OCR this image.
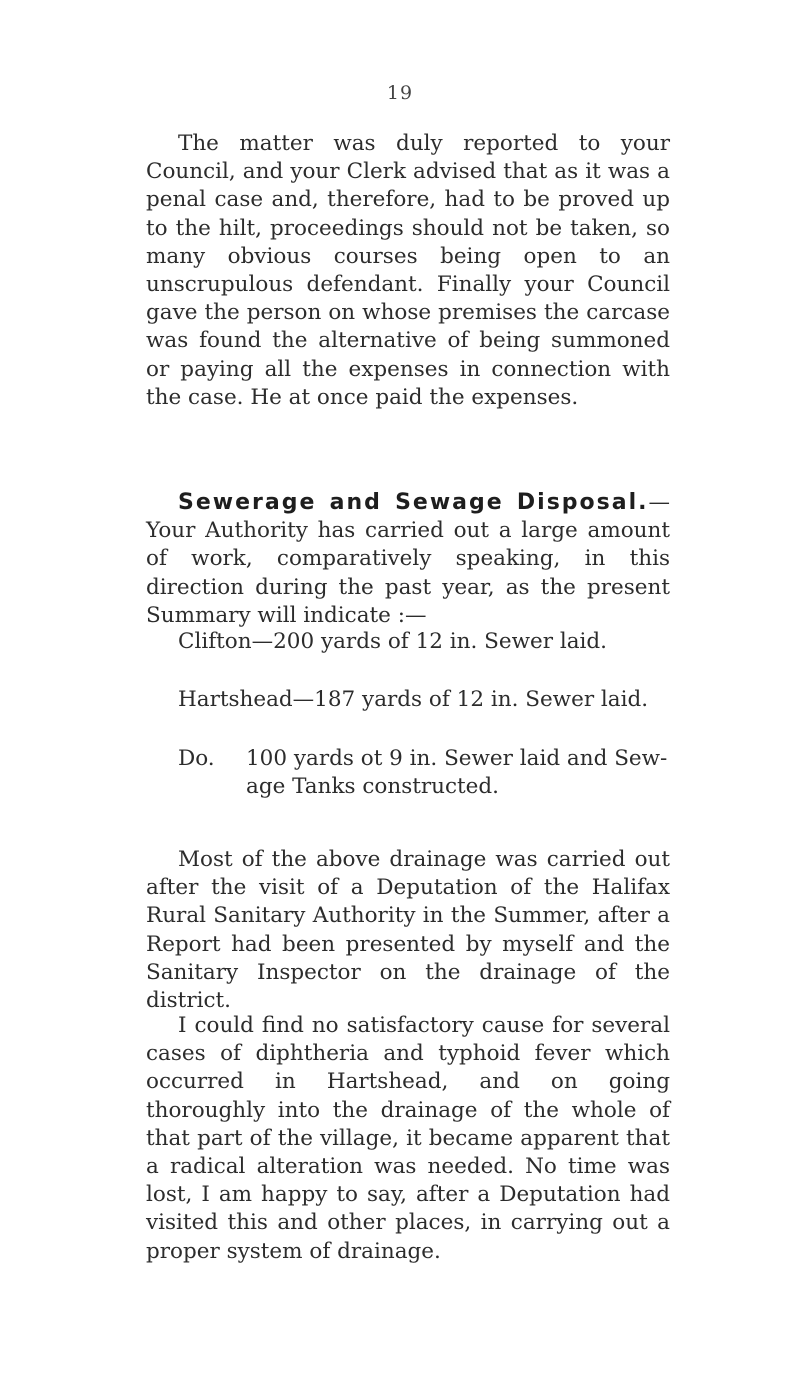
19

The matter was duly reported to your Council, and your Clerk advised that as it was a penal case and, therefore, had to be proved up to the hilt, proceedings should not be taken, so many obvious courses being open to an unscrupulous defendant. Finally your Council gave the person on whose premises the carcase was found the alternative of being summoned or paying all the expenses in connection with the case. He at once paid the expenses.

Sewerage and Sewage Disposal.—Your Authority has carried out a large amount of work, comparatively speaking, in this direction during the past year, as the present Summary will indicate :—

Clifton—200 yards of 12 in. Sewer laid.
Hartshead—187 yards of 12 in. Sewer laid.
Do. 100 yards ot 9 in. Sewer laid and Sew-
age Tanks constructed.

Most of the above drainage was carried out after the visit of a Deputation of the Halifax Rural Sanitary Authority in the Summer, after a Report had been presented by myself and the Sanitary Inspector on the drainage of the district.

I could find no satisfactory cause for several cases of diphtheria and typhoid fever which occurred in Hartshead, and on going thoroughly into the drainage of the whole of that part of the village, it became apparent that a radical alteration was needed. No time was lost, I am happy to say, after a Deputation had visited this and other places, in carrying out a proper system of drainage.
